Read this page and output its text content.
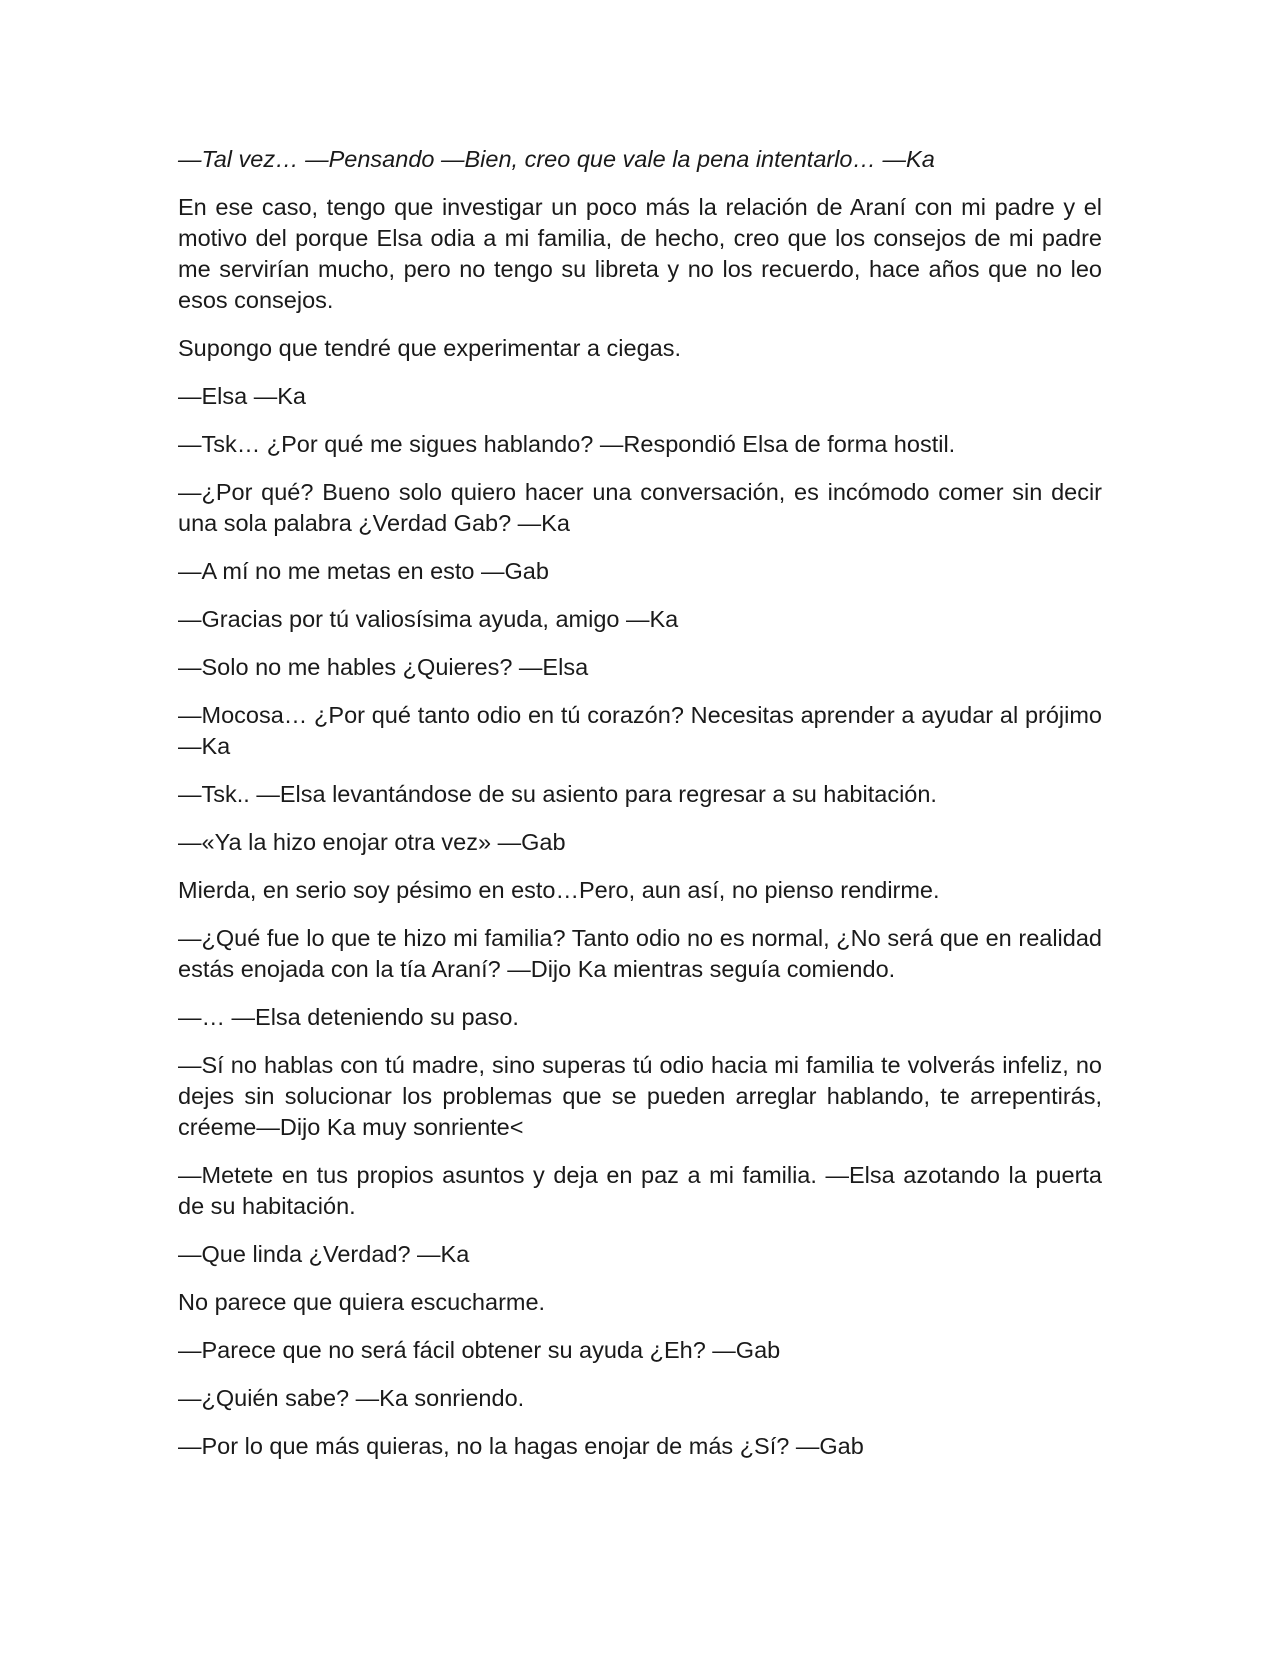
—Tal vez… —Pensando —Bien, creo que vale la pena intentarlo… —Ka

En ese caso, tengo que investigar un poco más la relación de Araní con mi padre y el motivo del porque Elsa odia a mi familia, de hecho, creo que los consejos de mi padre me servirían mucho, pero no tengo su libreta y no los recuerdo, hace años que no leo esos consejos.

Supongo que tendré que experimentar a ciegas.

—Elsa —Ka

—Tsk… ¿Por qué me sigues hablando? —Respondió Elsa de forma hostil.

—¿Por qué? Bueno solo quiero hacer una conversación, es incómodo comer sin decir una sola palabra ¿Verdad Gab? —Ka

—A mí no me metas en esto —Gab

—Gracias por tú valiosísima ayuda, amigo —Ka

—Solo no me hables ¿Quieres? —Elsa

—Mocosa… ¿Por qué tanto odio en tú corazón? Necesitas aprender a ayudar al prójimo —Ka

—Tsk.. —Elsa levantándose de su asiento para regresar a su habitación.

—«Ya la hizo enojar otra vez» —Gab

Mierda, en serio soy pésimo en esto…Pero, aun así, no pienso rendirme.

—¿Qué fue lo que te hizo mi familia? Tanto odio no es normal, ¿No será que en realidad estás enojada con la tía Araní? —Dijo Ka mientras seguía comiendo.

—… —Elsa deteniendo su paso.

—Sí no hablas con tú madre, sino superas tú odio hacia mi familia te volverás infeliz, no dejes sin solucionar los problemas que se pueden arreglar hablando, te arrepentirás, créeme—Dijo Ka muy sonriente<

—Metete en tus propios asuntos y deja en paz a mi familia. —Elsa azotando la puerta de su habitación.

—Que linda ¿Verdad? —Ka

No parece que quiera escucharme.

—Parece que no será fácil obtener su ayuda ¿Eh? —Gab

—¿Quién sabe? —Ka sonriendo.

—Por lo que más quieras, no la hagas enojar de más ¿Sí? —Gab
